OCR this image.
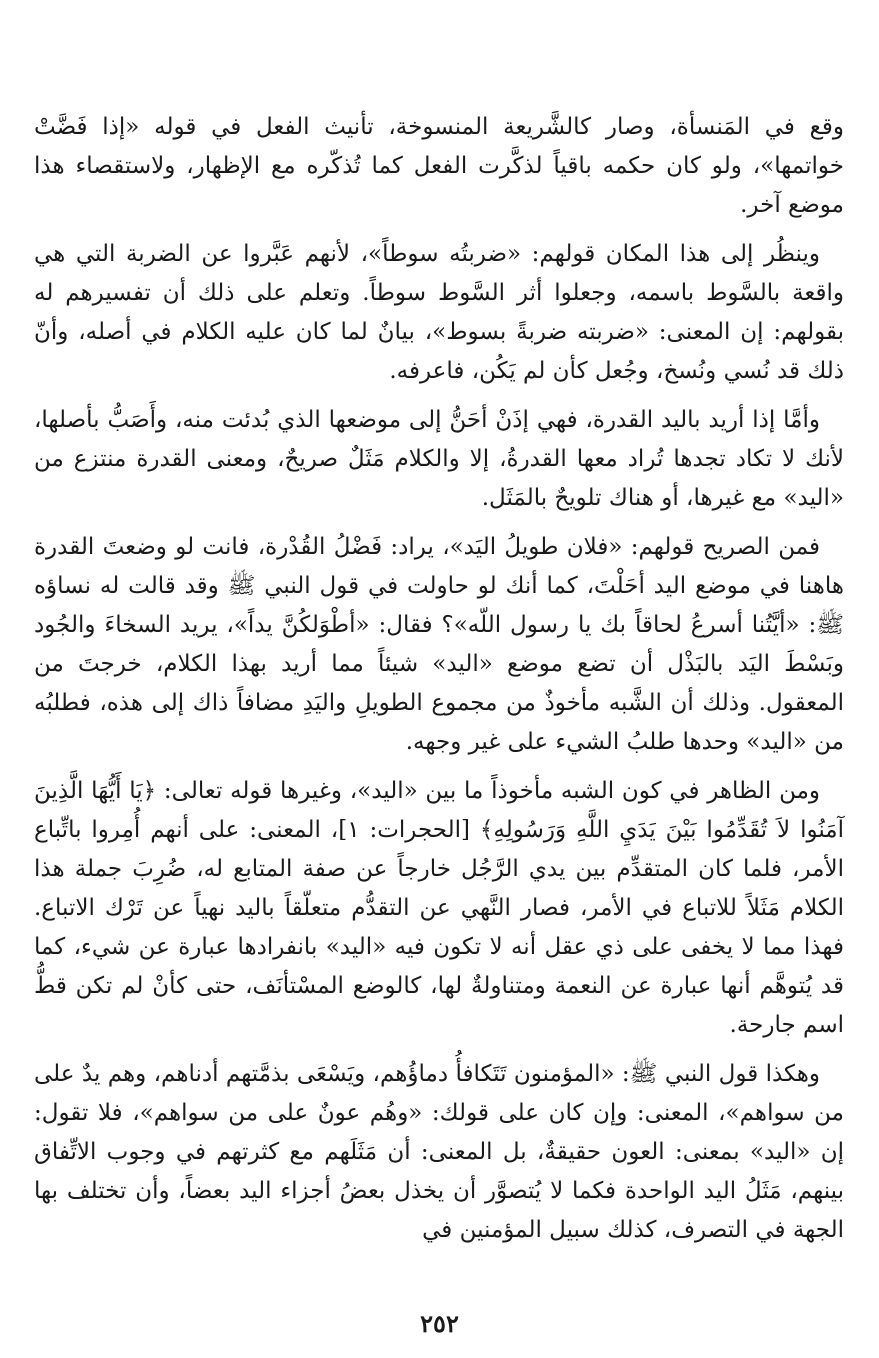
وقع في المَنسأة، وصار كالشَّريعة المنسوخة، تأنيث الفعل في قوله «إذا فَضَّتْ خواتمها»، ولو كان حكمه باقياً لذكَّرت الفعل كما تُذكّره مع الإظهار، ولاستقصاء هذا موضع آخر.

وينظُر إلى هذا المكان قولهم: «ضربتُه سوطاً»، لأنهم عَبَّروا عن الضربة التي هي واقعة بالسَّوط باسمه، وجعلوا أثر السَّوط سوطاً. وتعلم على ذلك أن تفسيرهم له بقولهم: إن المعنى: «ضربته ضربةً بسوط»، بيانٌ لما كان عليه الكلام في أصله، وأنّ ذلك قد نُسي ونُسخ، وجُعل كأن لم يَكُن، فاعرفه.

وأمَّا إذا أريد باليد القدرة، فهي إذَنْ أحَنُّ إلى موضعها الذي بُدئت منه، وأَصَبُّ بأصلها، لأنك لا تكاد تجدها تُراد معها القدرةُ، إلا والكلام مَثَلٌ صريحٌ، ومعنى القدرة منتزع من «اليد» مع غيرها، أو هناك تلويحٌ بالمَثَل.

فمن الصريح قولهم: «فلان طويلُ اليَد»، يراد: فَضْلُ القُدْرة، فانت لو وضعتَ القدرة هاهنا في موضع اليد أحَلْتَ، كما أنك لو حاولت في قول النبي ﷺ وقد قالت له نساؤه ﷺ: «أيَّتُنا أسرعُ لحاقاً بك يا رسول اللّه»؟ فقال: «أطْوَلكُنَّ يداً»، يريد السخاءَ والجُود وبَسْطَ اليَد بالبَذْل أن تضع موضع «اليد» شيئاً مما أريد بهذا الكلام، خرجتَ من المعقول. وذلك أن الشَّبه مأخوذٌ من مجموع الطويلِ واليَدِ مضافاً ذاك إلى هذه، فطلبُه من «اليد» وحدها طلبُ الشيء على غير وجهه.

ومن الظاهر في كون الشبه مأخوذاً ما بين «اليد»، وغيرها قوله تعالى: ﴿يَا أَيُّهَا الَّذِينَ آمَنُوا لاَ تُقَدِّمُوا بَيْنَ يَدَيِ اللَّهِ وَرَسُولِهِ﴾ [الحجرات: ١]، المعنى: على أنهم أُمِروا باتِّباع الأمر، فلما كان المتقدِّم بين يدي الرَّجُل خارجاً عن صفة المتابع له، ضُرِبَ جملة هذا الكلام مَثَلاً للاتباع في الأمر، فصار النَّهي عن التقدُّم متعلّقاً باليد نهياً عن تَرْك الاتباع. فهذا مما لا يخفى على ذي عقل أنه لا تكون فيه «اليد» بانفرادها عبارة عن شيء، كما قد يُتوهَّم أنها عبارة عن النعمة ومتناولةٌ لها، كالوضع المسْتأنَف، حتى كأنْ لم تكن قطُّ اسم جارحة.

وهكذا قول النبي ﷺ: «المؤمنون تَتَكافأُ دماؤُهم، ويَسْعَى بذمَّتهم أدناهم، وهم يدٌ على من سواهم»، المعنى: وإن كان على قولك: «وهُم عونٌ على من سواهم»، فلا تقول: إن «اليد» بمعنى: العون حقيقةٌ، بل المعنى: أن مَثَلَهم مع كثرتهم في وجوب الاتِّفاق بينهم، مَثَلُ اليد الواحدة فكما لا يُتصوَّر أن يخذل بعضُ أجزاء اليد بعضاً، وأن تختلف بها الجهة في التصرف، كذلك سبيل المؤمنين في

٢٥٢
